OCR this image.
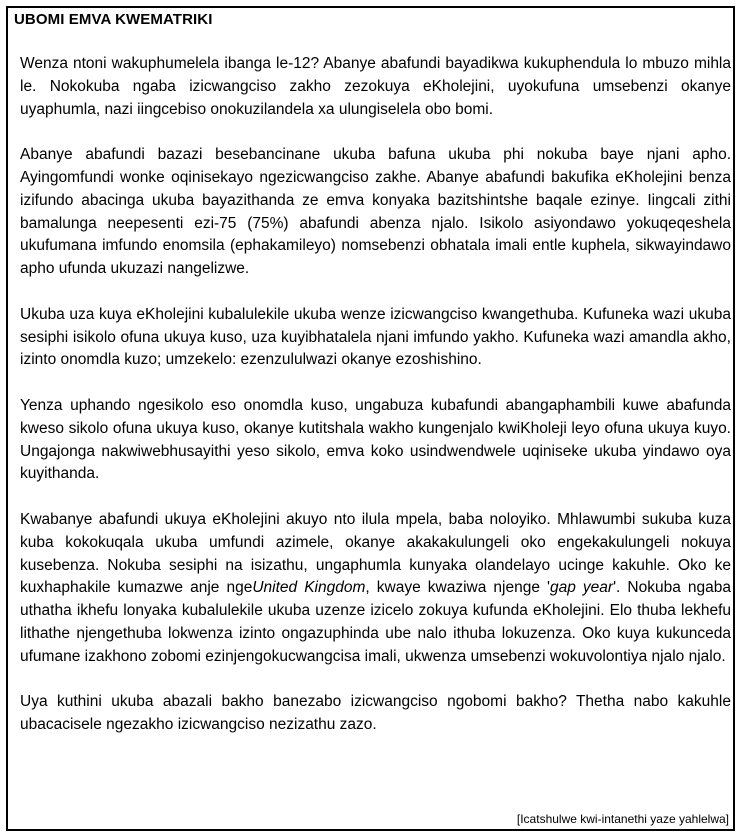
UBOMI EMVA KWEMATRIKI

Wenza ntoni wakuphumelela ibanga le-12? Abanye abafundi bayadikwa kukuphendula lo mbuzo mihla le. Nokokuba ngaba izicwangciso zakho zezokuya eKholejini, uyokufuna umsebenzi okanye uyaphumla, nazi iingcebiso onokuzilandela xa ulungiselela obo bomi.

Abanye abafundi bazazi besebancinane ukuba bafuna ukuba phi nokuba baye njani apho. Ayingomfundi wonke oqinisekayo ngezicwangciso zakhe. Abanye abafundi bakufika eKholejini benza izifundo abacinga ukuba bayazithanda ze emva konyaka bazitshintshe baqale ezinye. Iingcali zithi bamalunga neepesenti ezi-75 (75%) abafundi abenza njalo. Isikolo asiyondawo yokuqeqeshela ukufumana imfundo enomsila (ephakamileyo) nomsebenzi obhatala imali entle kuphela, sikwayindawo apho ufunda ukuzazi nangelizwe.

Ukuba uza kuya eKholejini kubalulekile ukuba wenze izicwangciso kwangethuba. Kufuneka wazi ukuba sesiphi isikolo ofuna ukuya kuso, uza kuyibhatalela njani imfundo yakho. Kufuneka wazi amandla akho, izinto onomdla kuzo; umzekelo: ezenzululwazi okanye ezoshishino.

Yenza uphando ngesikolo eso onomdla kuso, ungabuza kubafundi abangaphambili kuwe abafunda kweso sikolo ofuna ukuya kuso, okanye kutitshala wakho kungenjalo kwiKholeji leyo ofuna ukuya kuyo. Ungajonga nakwiwebhusayithi yeso sikolo, emva koko usindwendwele uqiniseke ukuba yindawo oya kuyithanda.

Kwabanye abafundi ukuya eKholejini akuyo nto ilula mpela, baba noloyiko. Mhlawumbi sukuba kuza kuba kokokuqala ukuba umfundi azimele, okanye akakakulungeli oko engekakulungeli nokuya kusebenza. Nokuba sesiphi na isizathu, ungaphumla kunyaka olandelayo ucinge kakuhle. Oko ke kuxhaphakile kumazwe anje ngeUnited Kingdom, kwaye kwaziwa njenge 'gap year'. Nokuba ngaba uthatha ikhefu lonyaka kubalulekile ukuba uzenze izicelo zokuya kufunda eKholejini. Elo thuba lekhefu lithathe njengethuba lokwenza izinto ongazuphinda ube nalo ithuba lokuzenza. Oko kuya kukunceda ufumane izakhono zobomi ezinjengokucwangcisa imali, ukwenza umsebenzi wokuvolontiya njalo njalo.

Uya kuthini ukuba abazali bakho banezabo izicwangciso ngobomi bakho? Thetha nabo kakuhle ubacacisele ngezakho izicwangciso nezizathu zazo.

[Icatshulwe kwi-intanethi yaze yahlelwa]
